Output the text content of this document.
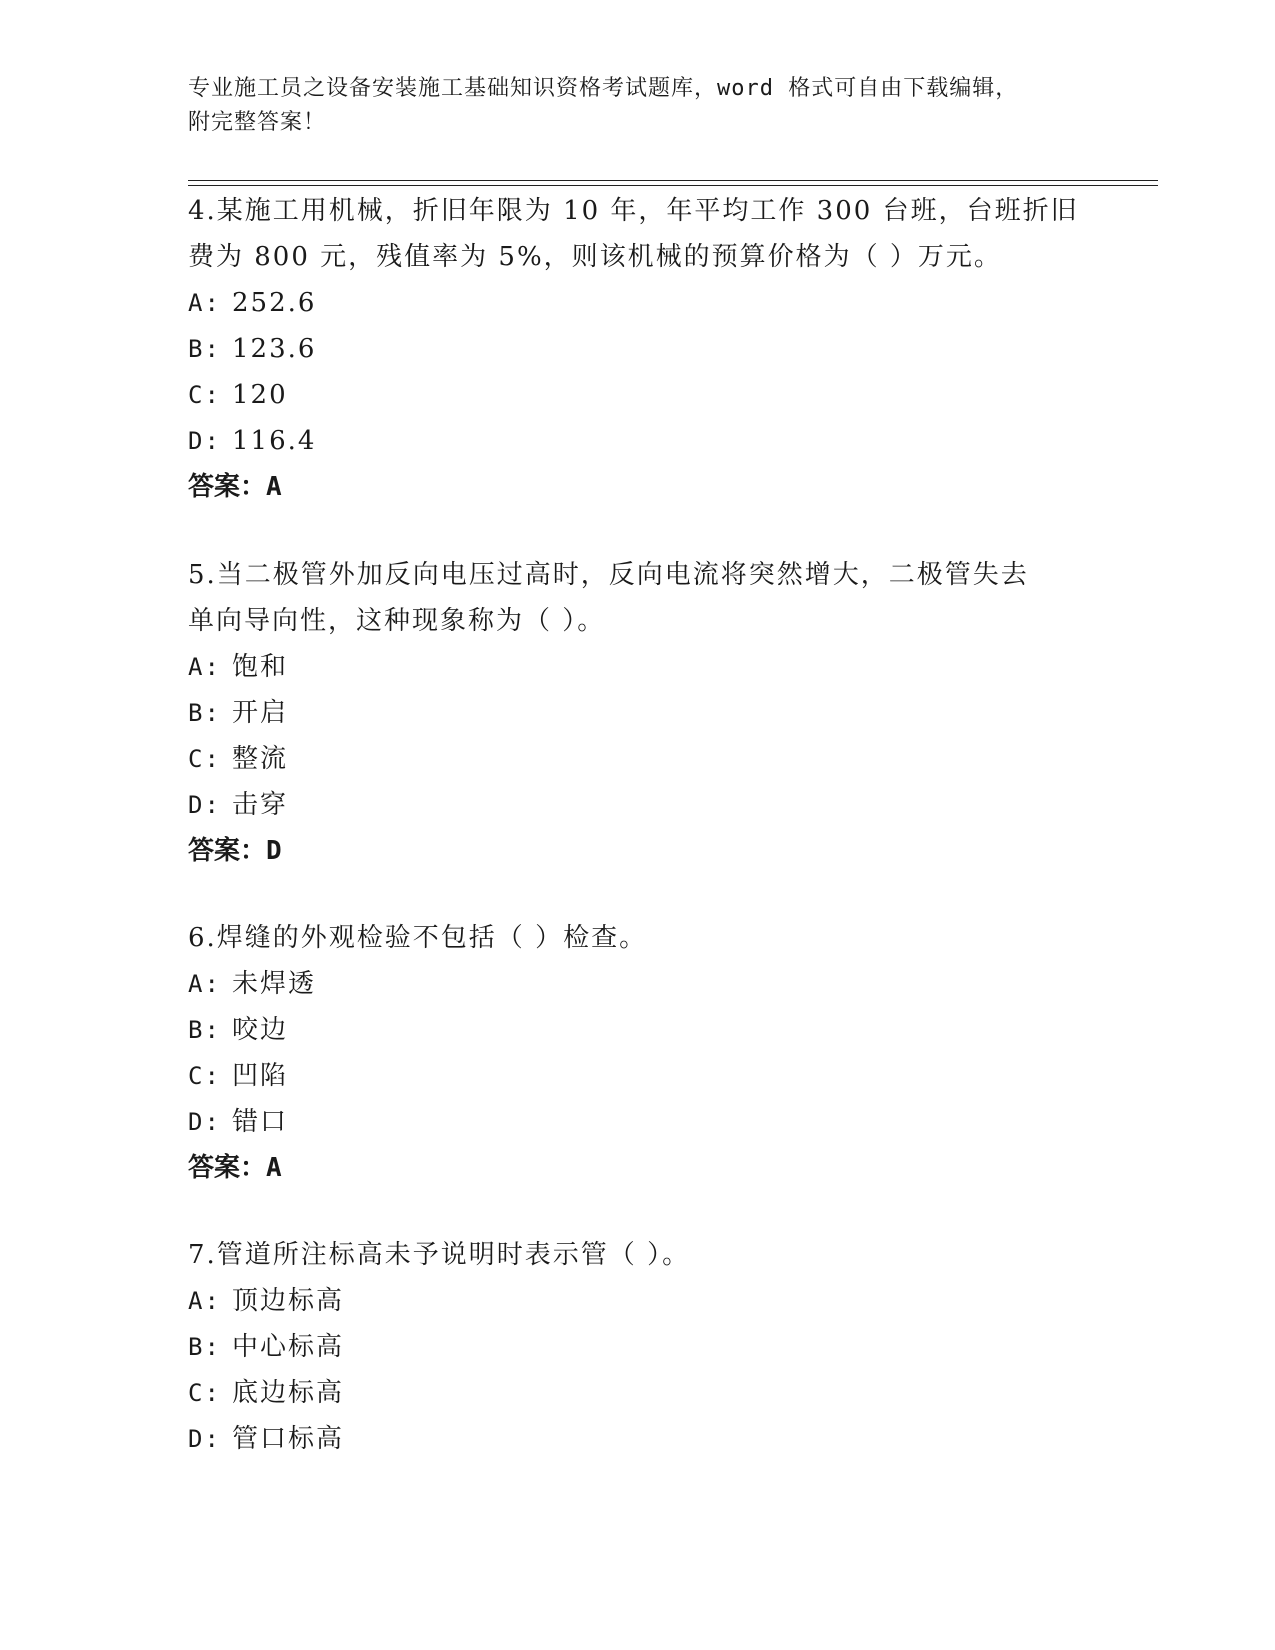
专业施工员之设备安装施工基础知识资格考试题库，word 格式可自由下载编辑，
附完整答案！

4.某施工用机械，折旧年限为 10 年，年平均工作 300 台班，台班折旧

费为 800 元，残值率为 5%，则该机械的预算价格为（ ）万元。

A: 252.6

B: 123.6

C: 120

D: 116.4

答案：A

5.当二极管外加反向电压过高时，反向电流将突然增大，二极管失去

单向导向性，这种现象称为（ ）。

A: 饱和

B: 开启

C: 整流

D: 击穿

答案：D

6.焊缝的外观检验不包括（ ）检查。

A: 未焊透

B: 咬边

C: 凹陷

D: 错口

答案：A

7.管道所注标高未予说明时表示管（ ）。

A: 顶边标高

B: 中心标高

C: 底边标高

D: 管口标高
